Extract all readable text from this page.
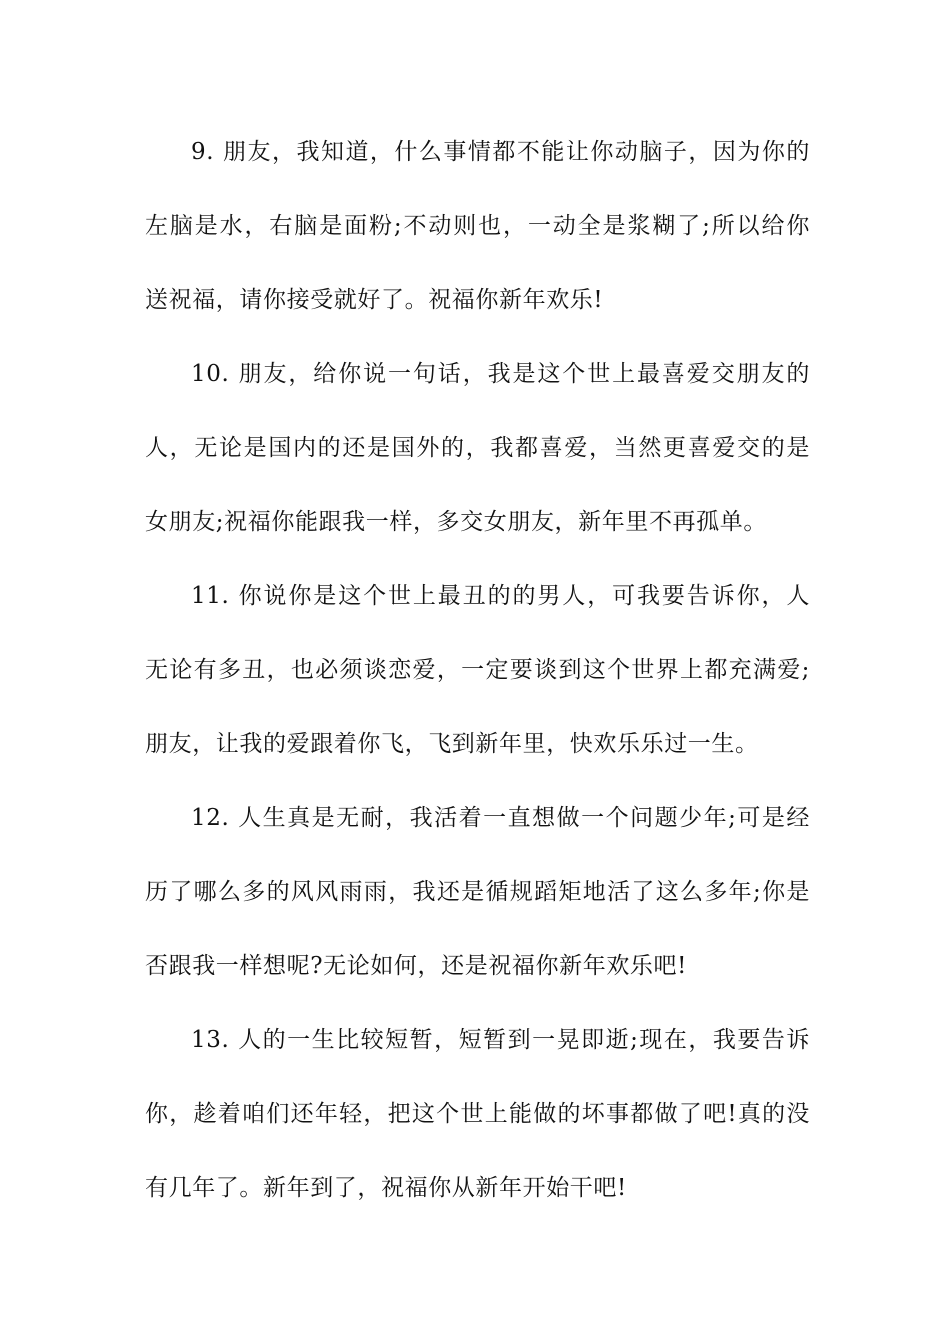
9. 朋友，我知道，什么事情都不能让你动脑子，因为你的
左脑是水，右脑是面粉;不动则也，一动全是浆糊了;所以给你
送祝福，请你接受就好了。祝福你新年欢乐!

10. 朋友，给你说一句话，我是这个世上最喜爱交朋友的
人，无论是国内的还是国外的，我都喜爱，当然更喜爱交的是
女朋友;祝福你能跟我一样，多交女朋友，新年里不再孤单。

11. 你说你是这个世上最丑的的男人，可我要告诉你，人
无论有多丑，也必须谈恋爱，一定要谈到这个世界上都充满爱;
朋友，让我的爱跟着你飞，飞到新年里，快欢乐乐过一生。

12. 人生真是无耐，我活着一直想做一个问题少年;可是经
历了哪么多的风风雨雨，我还是循规蹈矩地活了这么多年;你是
否跟我一样想呢?无论如何，还是祝福你新年欢乐吧!

13. 人的一生比较短暂，短暂到一晃即逝;现在，我要告诉
你，趁着咱们还年轻，把这个世上能做的坏事都做了吧!真的没
有几年了。新年到了，祝福你从新年开始干吧!
